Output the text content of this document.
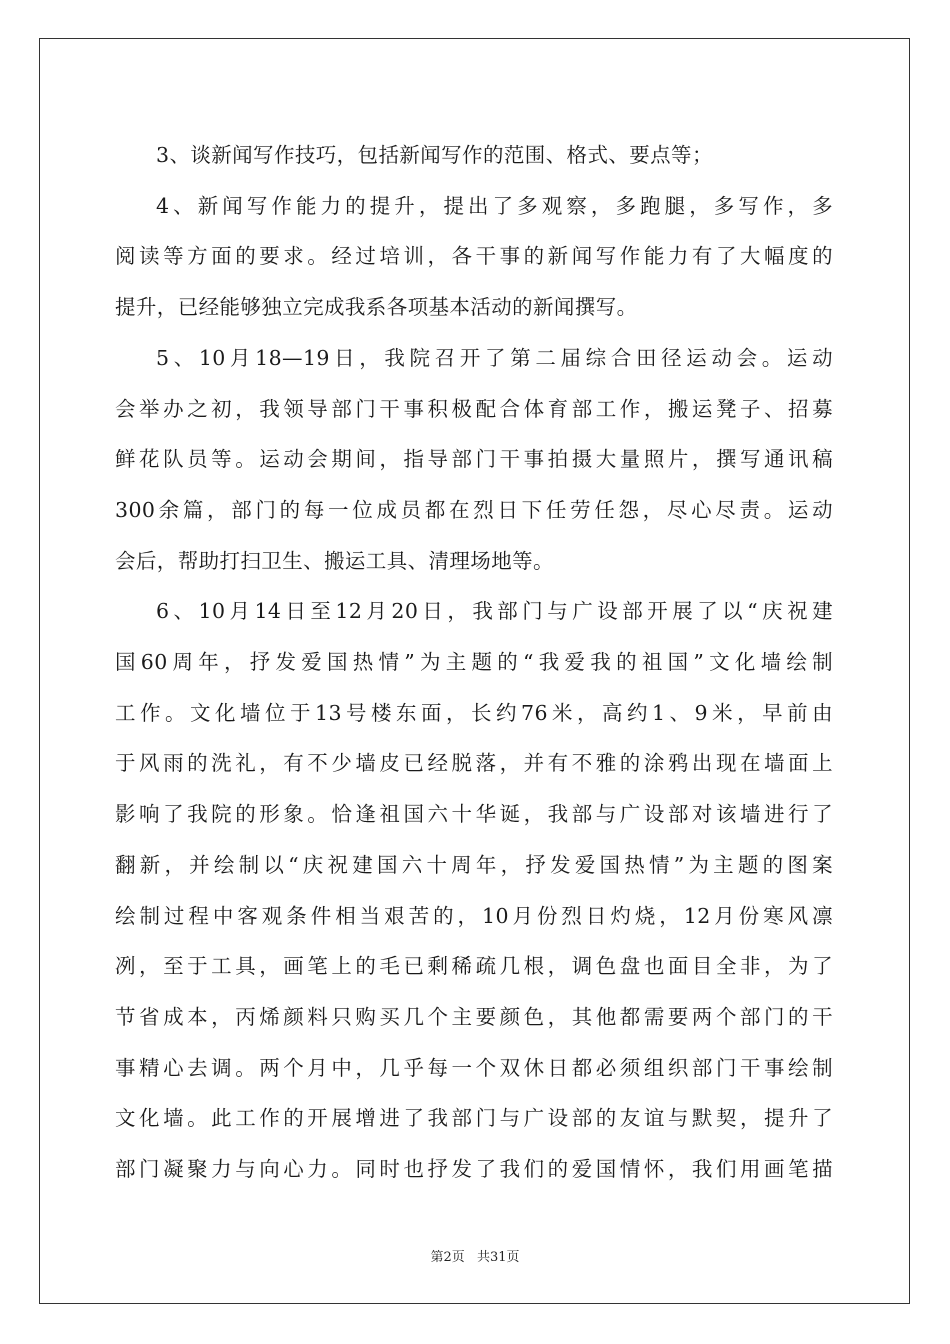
3、谈新闻写作技巧，包括新闻写作的范围、格式、要点等；
4、新闻写作能力的提升，提出了多观察，多跑腿，多写作，多
阅读等方面的要求。经过培训，各干事的新闻写作能力有了大幅度的
提升，已经能够独立完成我系各项基本活动的新闻撰写。
5、10月18—19日，我院召开了第二届综合田径运动会。运动
会举办之初，我领导部门干事积极配合体育部工作，搬运凳子、招募
鲜花队员等。运动会期间，指导部门干事拍摄大量照片，撰写通讯稿
300余篇，部门的每一位成员都在烈日下任劳任怨，尽心尽责。运动
会后，帮助打扫卫生、搬运工具、清理场地等。
6、10月14日至12月20日，我部门与广设部开展了以“庆祝建
国60周年，抒发爱国热情”为主题的“我爱我的祖国”文化墙绘制
工作。文化墙位于13号楼东面，长约76米，高约1、9米，早前由
于风雨的洗礼，有不少墙皮已经脱落，并有不雅的涂鸦出现在墙面上
影响了我院的形象。恰逢祖国六十华诞，我部与广设部对该墙进行了
翻新，并绘制以“庆祝建国六十周年，抒发爱国热情”为主题的图案
绘制过程中客观条件相当艰苦的，10月份烈日灼烧，12月份寒风凛
冽，至于工具，画笔上的毛已剩稀疏几根，调色盘也面目全非，为了
节省成本，丙烯颜料只购买几个主要颜色，其他都需要两个部门的干
事精心去调。两个月中，几乎每一个双休日都必须组织部门干事绘制
文化墙。此工作的开展增进了我部门与广设部的友谊与默契，提升了
部门凝聚力与向心力。同时也抒发了我们的爱国情怀，我们用画笔描
第2页 共31页
